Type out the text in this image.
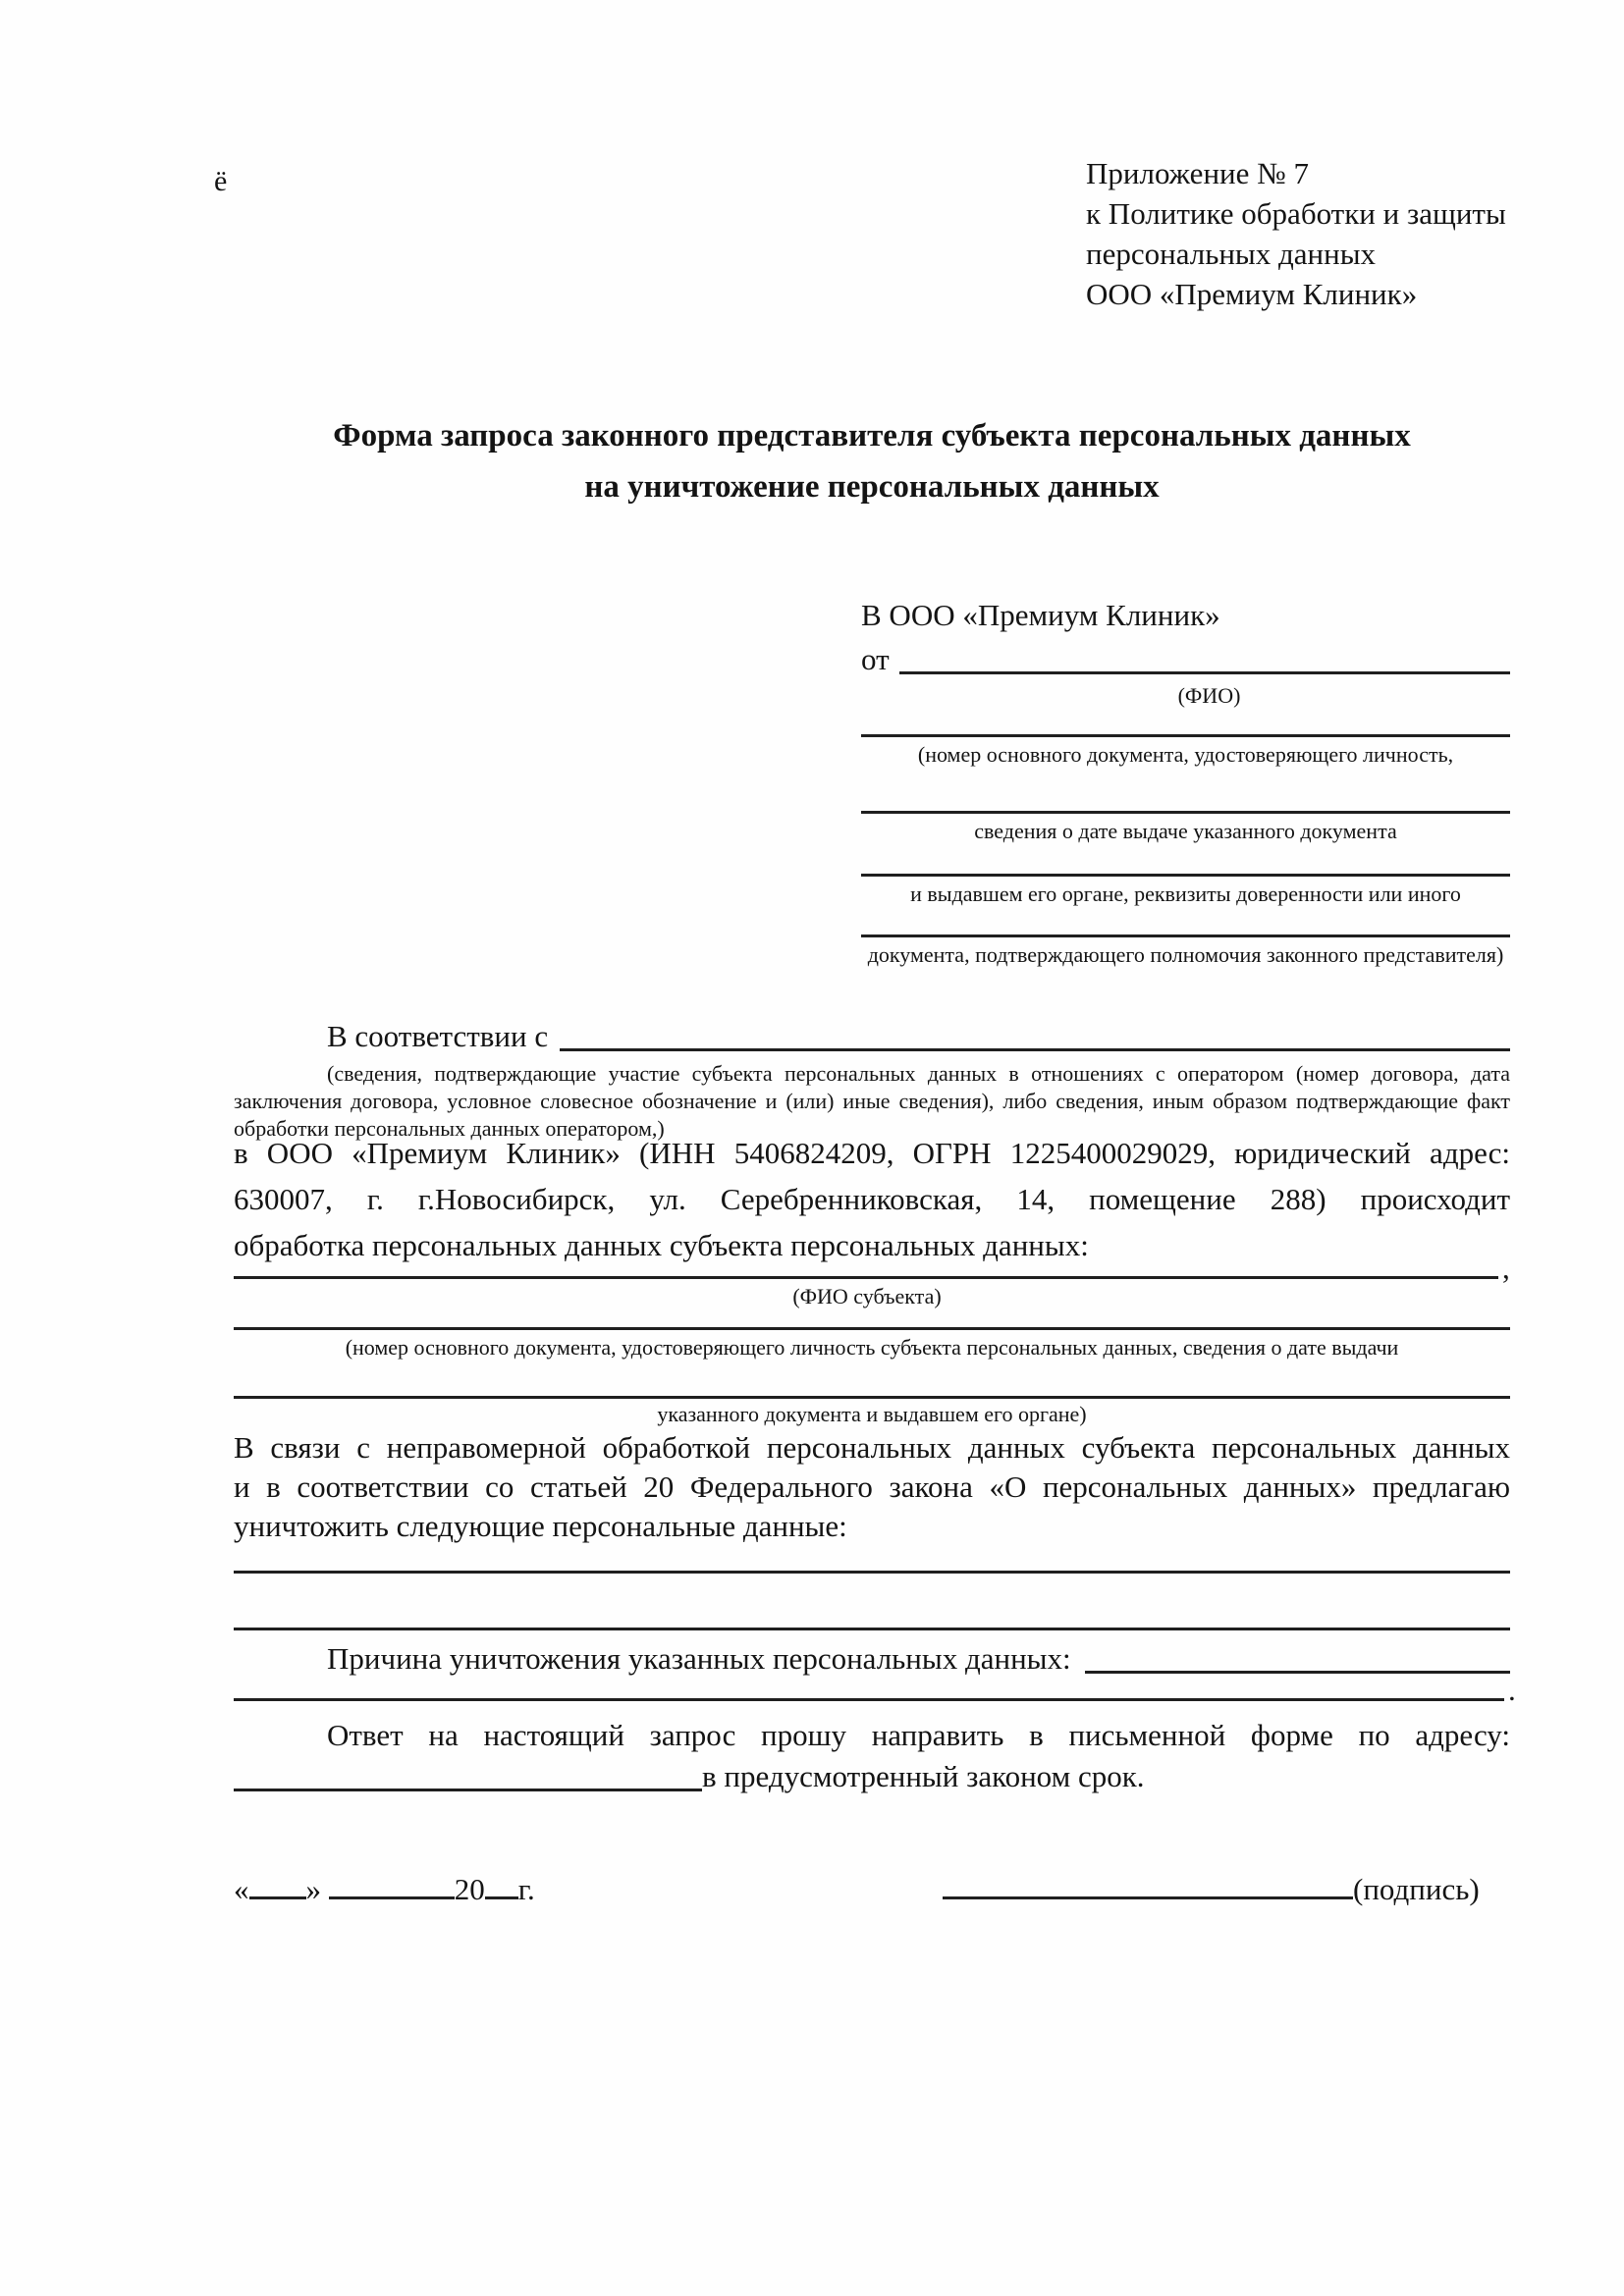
ё	Приложение № 7
к Политике обработки и защиты
персональных данных
ООО «Премиум Клиник»
Форма запроса законного представителя субъекта персональных данных
на уничтожение персональных данных
В ООО «Премиум Клиник»
от
(ФИО)
(номер основного документа, удостоверяющего личность,
сведения о дате выдаче указанного документа
и выдавшем его органе, реквизиты доверенности или иного
документа, подтверждающего полномочия законного представителя)
В соответствии с
(сведения, подтверждающие участие субъекта персональных данных в отношениях с оператором (номер договора, дата
заключения договора, условное словесное обозначение и (или) иные сведения), либо сведения, иным образом подтверждающие факт
обработки персональных данных оператором,)
в ООО «Премиум Клиник» (ИНН 5406824209, ОГРН 1225400029029, юридический адрес:
630007, г. г.Новосибирск, ул. Серебренниковская, 14, помещение 288) происходит
обработка персональных данных субъекта персональных данных:
,
(ФИО субъекта)
(номер основного документа, удостоверяющего личность субъекта персональных данных, сведения о дате выдачи
указанного документа и выдавшем его органе)
В связи с неправомерной обработкой персональных данных субъекта персональных данных
и в соответствии со статьей 20 Федерального закона «О персональных данных» предлагаю
уничтожить следующие персональные данные:
Причина уничтожения указанных персональных данных:
.
Ответ на настоящий запрос прошу направить в письменной форме по адресу:
в предусмотренный законом срок.
« »	20 г.	(подпись)
